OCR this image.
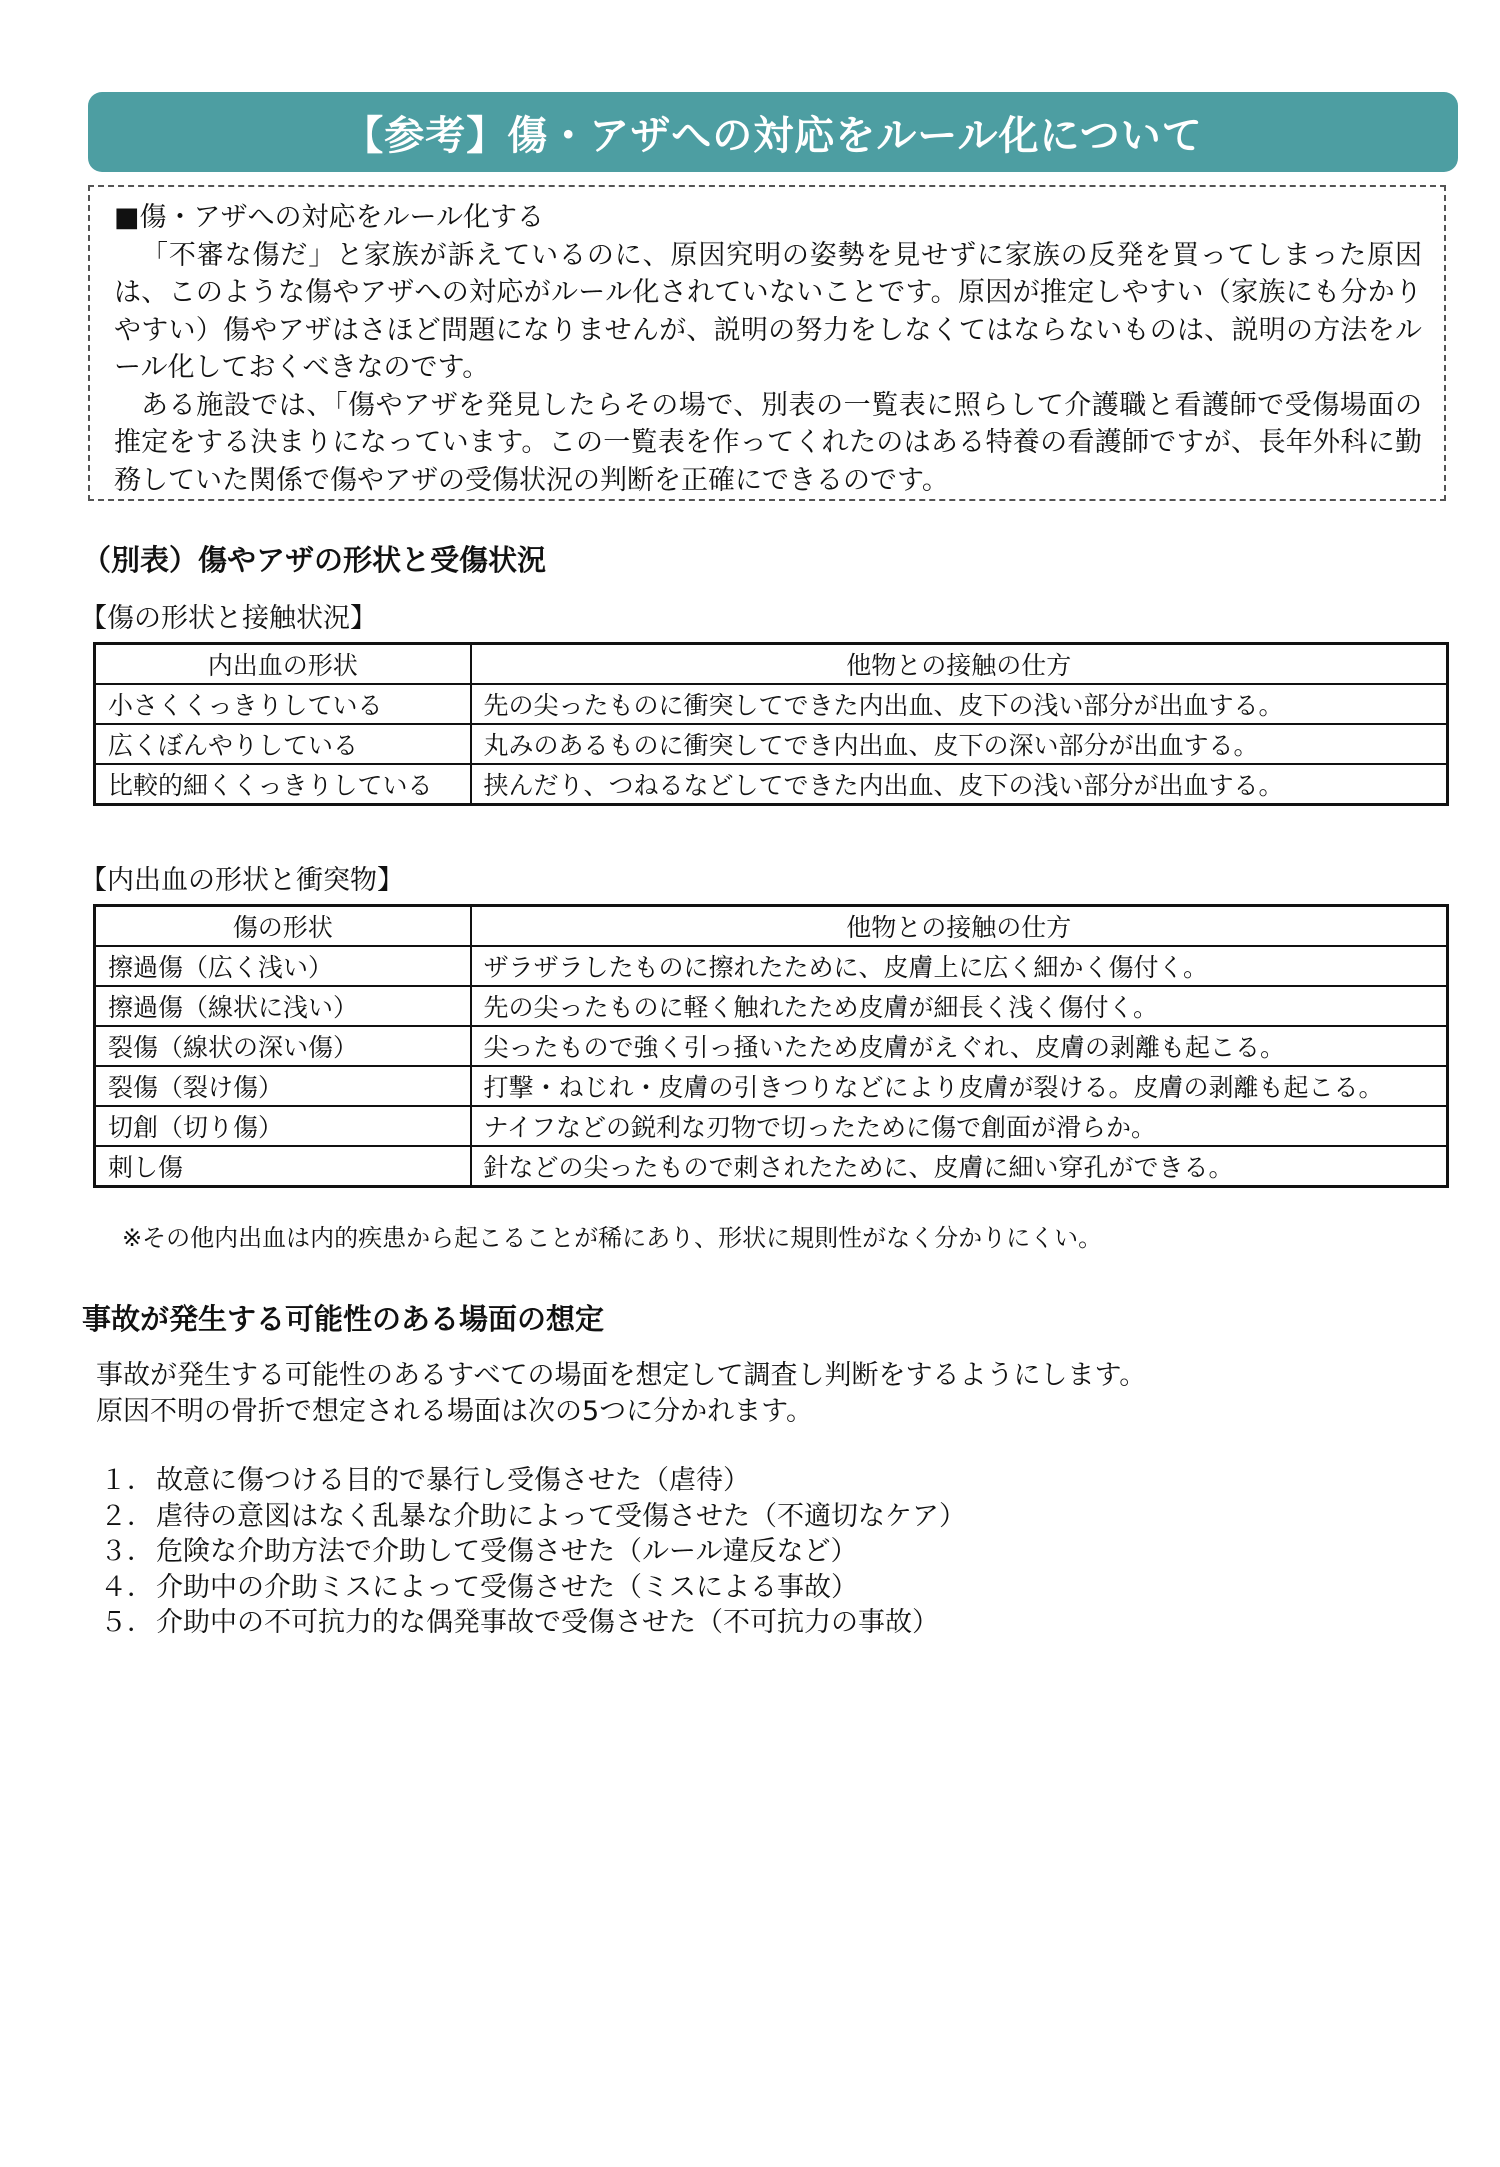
【参考】傷・アザへの対応をルール化について

■傷・アザへの対応をルール化する

「不審な傷だ」と家族が訴えているのに、原因究明の姿勢を見せずに家族の反発を買ってしまった原因は、このような傷やアザへの対応がルール化されていないことです。原因が推定しやすい（家族にも分かりやすい）傷やアザはさほど問題になりませんが、説明の努力をしなくてはならないものは、説明の方法をルール化しておくべきなのです。

ある施設では、「傷やアザを発見したらその場で、別表の一覧表に照らして介護職と看護師で受傷場面の推定をする決まりになっています。この一覧表を作ってくれたのはある特養の看護師ですが、長年外科に勤務していた関係で傷やアザの受傷状況の判断を正確にできるのです。

（別表）傷やアザの形状と受傷状況
【傷の形状と接触状況】
内出血の形状	他物との接触の仕方
小さくくっきりしている	先の尖ったものに衝突してできた内出血、皮下の浅い部分が出血する。
広くぼんやりしている	丸みのあるものに衝突してでき内出血、皮下の深い部分が出血する。
比較的細くくっきりしている	挟んだり、つねるなどしてできた内出血、皮下の浅い部分が出血する。
【内出血の形状と衝突物】
傷の形状	他物との接触の仕方
擦過傷（広く浅い）	ザラザラしたものに擦れたために、皮膚上に広く細かく傷付く。
擦過傷（線状に浅い）	先の尖ったものに軽く触れたため皮膚が細長く浅く傷付く。
裂傷（線状の深い傷）	尖ったもので強く引っ掻いたため皮膚がえぐれ、皮膚の剥離も起こる。
裂傷（裂け傷）	打撃・ねじれ・皮膚の引きつりなどにより皮膚が裂ける。皮膚の剥離も起こる。
切創（切り傷）	ナイフなどの鋭利な刃物で切ったために傷で創面が滑らか。
刺し傷	針などの尖ったもので刺されたために、皮膚に細い穿孔ができる。
※その他内出血は内的疾患から起こることが稀にあり、形状に規則性がなく分かりにくい。
事故が発生する可能性のある場面の想定
事故が発生する可能性のあるすべての場面を想定して調査し判断をするようにします。
原因不明の骨折で想定される場面は次の5つに分かれます。
１． 故意に傷つける目的で暴行し受傷させた（虐待）
２． 虐待の意図はなく乱暴な介助によって受傷させた（不適切なケア）
３． 危険な介助方法で介助して受傷させた（ルール違反など）
４． 介助中の介助ミスによって受傷させた（ミスによる事故）
５． 介助中の不可抗力的な偶発事故で受傷させた（不可抗力の事故）
